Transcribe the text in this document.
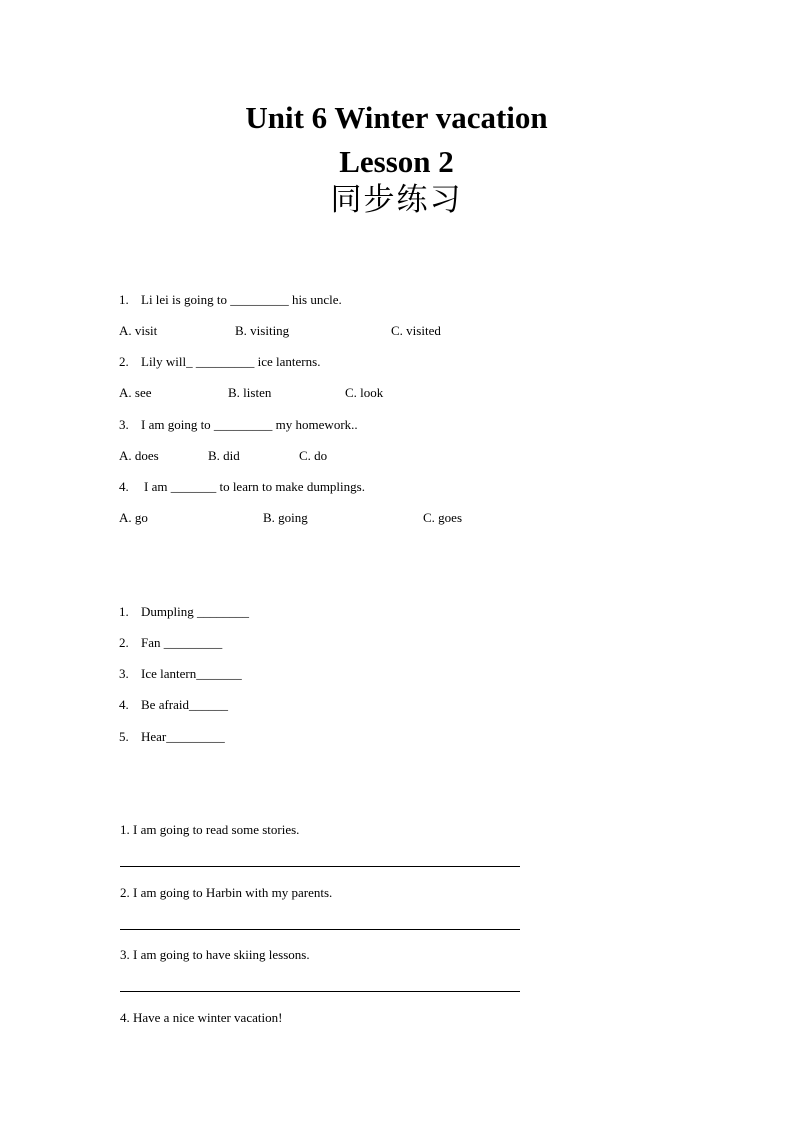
Unit 6 Winter vacation
Lesson 2
同步练习
1. Li lei is going to _________ his uncle.
A. visit	B. visiting	C. visited
2. Lily will_ _________ ice lanterns.
A. see	B. listen	C. look
3. I am going to _________ my homework..
A. does	B. did	C. do
4. I am _______ to learn to make dumplings.
A. go	B. going	C. goes
1. Dumpling ________
2. Fan _________
3. Ice lantern_______
4. Be afraid______
5. Hear_________
1. I am going to read some stories.
2. I am going to Harbin with my parents.
3. I am going to have skiing lessons.
4. Have a nice winter vacation!
